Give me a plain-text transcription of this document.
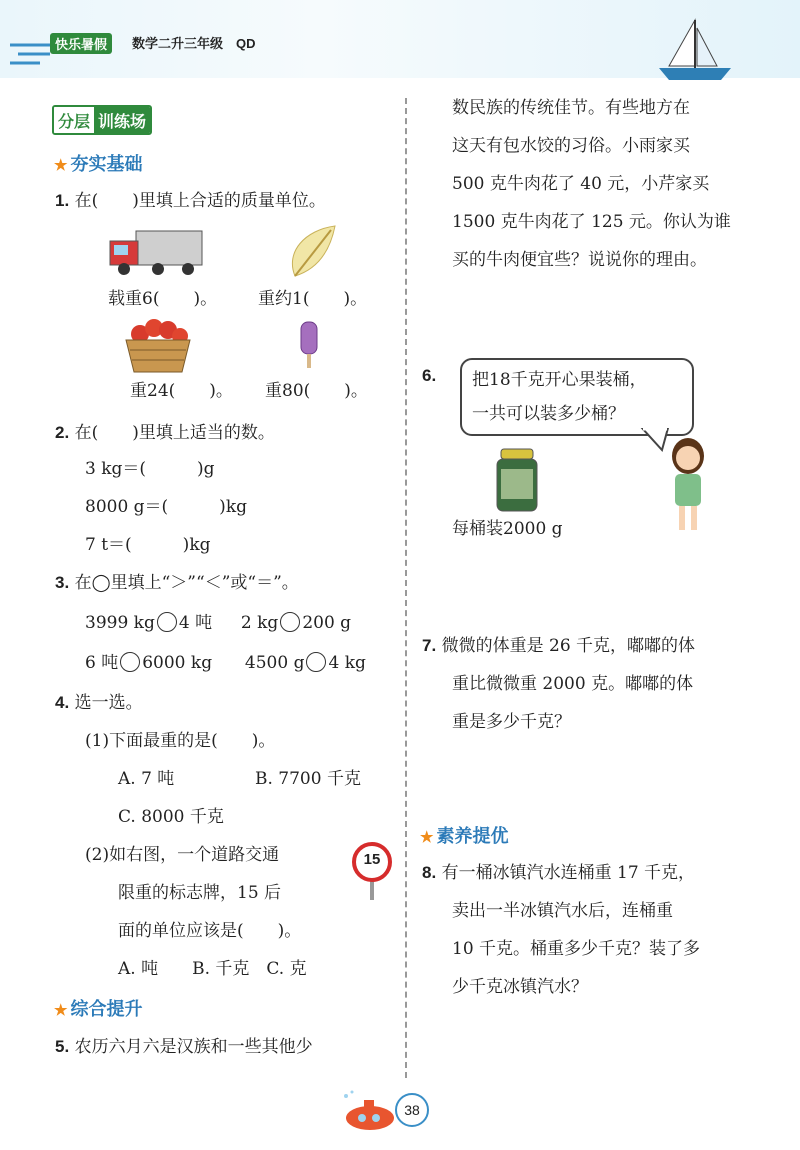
快乐暑假	数学二升三年级　QD
分层 训练场
★ 夯实基础
1. 在(　　)里填上合适的质量单位。
载重6(　　)。 重约1(　　)。
重24(　　)。 重80(　　)。
2. 在(　　)里填上适当的数。
3 kg＝(　　　)g
8000 g＝(　　　)kg
7 t＝(　　　)kg
3. 在◯里填上“＞”“＜”或“＝”。
3999 kg 4 吨 2 kg 200 g
6 吨 6000 kg 4500 g 4 kg
4. 选一选。
(1)下面最重的是(　　)。
A. 7 吨	B. 7700 千克
C. 8000 千克
(2)如右图，一个道路交通
限重的标志牌，15 后
面的单位应该是(　　)。
A. 吨　　B. 千克　C. 克
15
★ 综合提升
5. 农历六月六是汉族和一些其他少
数民族的传统佳节。有些地方在
这天有包水饺的习俗。小雨家买
500 克牛肉花了 40 元，小芹家买
1500 克牛肉花了 125 元。你认为谁
买的牛肉便宜些？说说你的理由。
6. 把18千克开心果装桶，
一共可以装多少桶？
每桶装2000 g
7. 微微的体重是 26 千克，嘟嘟的体
重比微微重 2000 克。嘟嘟的体
重是多少千克？
★ 素养提优
8. 有一桶冰镇汽水连桶重 17 千克，
卖出一半冰镇汽水后，连桶重
10 千克。桶重多少千克？装了多
少千克冰镇汽水？
38
